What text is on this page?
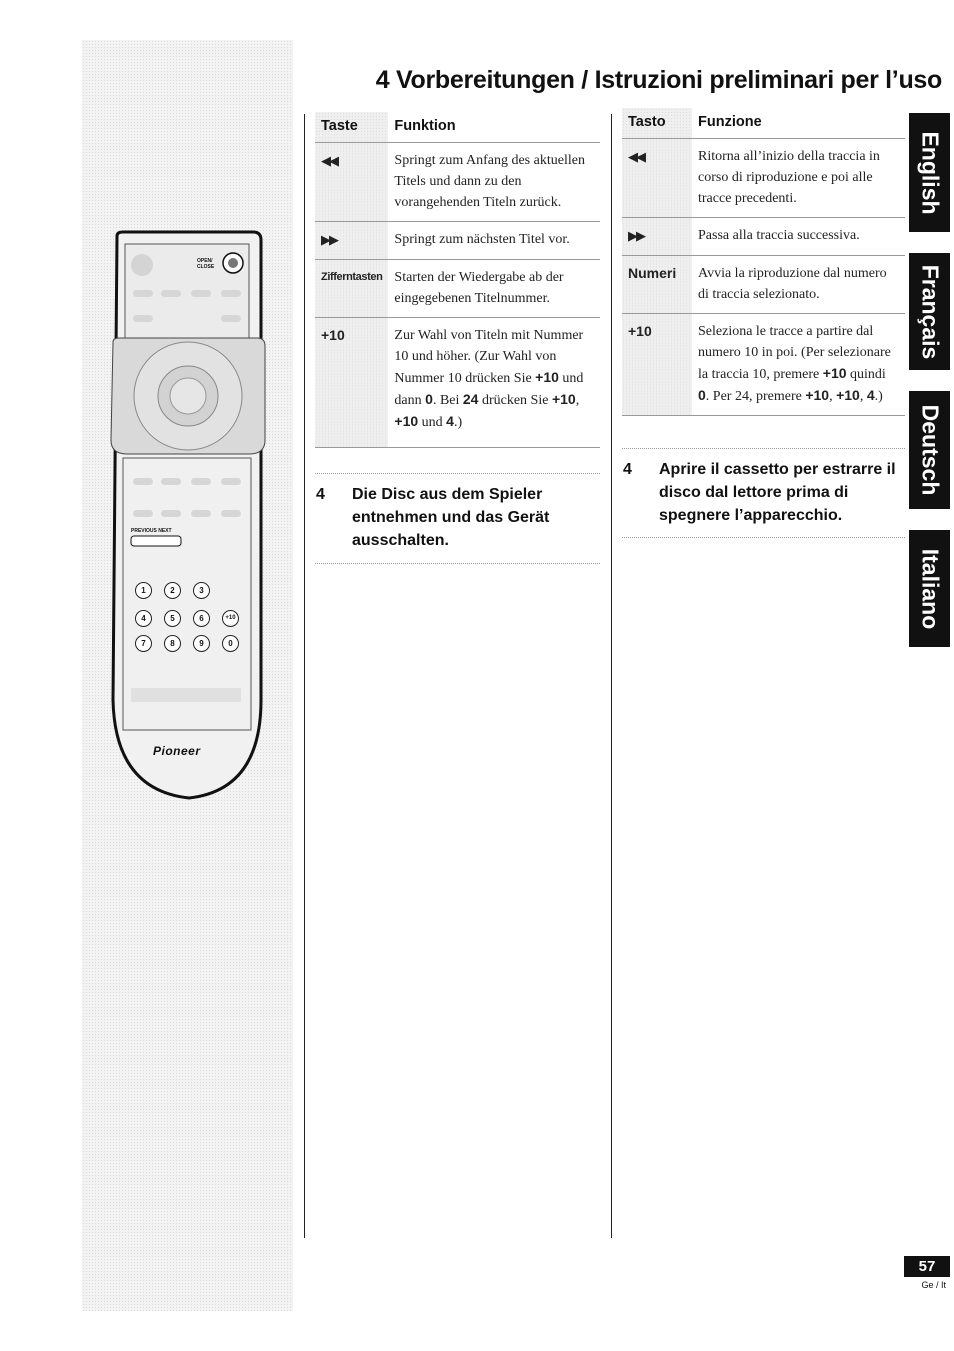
OPEN/
CLOSE
PREVIOUS NEXT
1	2	3
4	5	6	+10
7	8	9	0
Pioneer
4 Vorbereitungen / Istruzioni preliminari per l’uso
Taste	Funktion
◀◀	Springt zum Anfang des aktuellen Titels und dann zu den vorangehenden Titeln zurück.
▶▶	Springt zum nächsten Titel vor.
Zifferntasten	Starten der Wiedergabe ab der eingegebenen Titelnummer.
+10	Zur Wahl von Titeln mit Nummer 10 und höher. (Zur Wahl von Nummer 10 drücken Sie +10 und dann 0. Bei 24 drücken Sie +10, +10 und 4.)
4 Die Disc aus dem Spieler entnehmen und das Gerät ausschalten.
Tasto	Funzione
◀◀	Ritorna all’inizio della traccia in corso di riproduzione e poi alle tracce precedenti.
▶▶	Passa alla traccia successiva.
Numeri	Avvia la riproduzione dal numero di traccia selezionato.
+10	Seleziona le tracce a partire dal numero 10 in poi. (Per selezionare la traccia 10, premere +10 quindi 0. Per 24, premere +10, +10, 4.)
4 Aprire il cassetto per estrarre il disco dal lettore prima di spegnere l’apparecchio.
English
Français
Deutsch
Italiano
57
Ge / It
